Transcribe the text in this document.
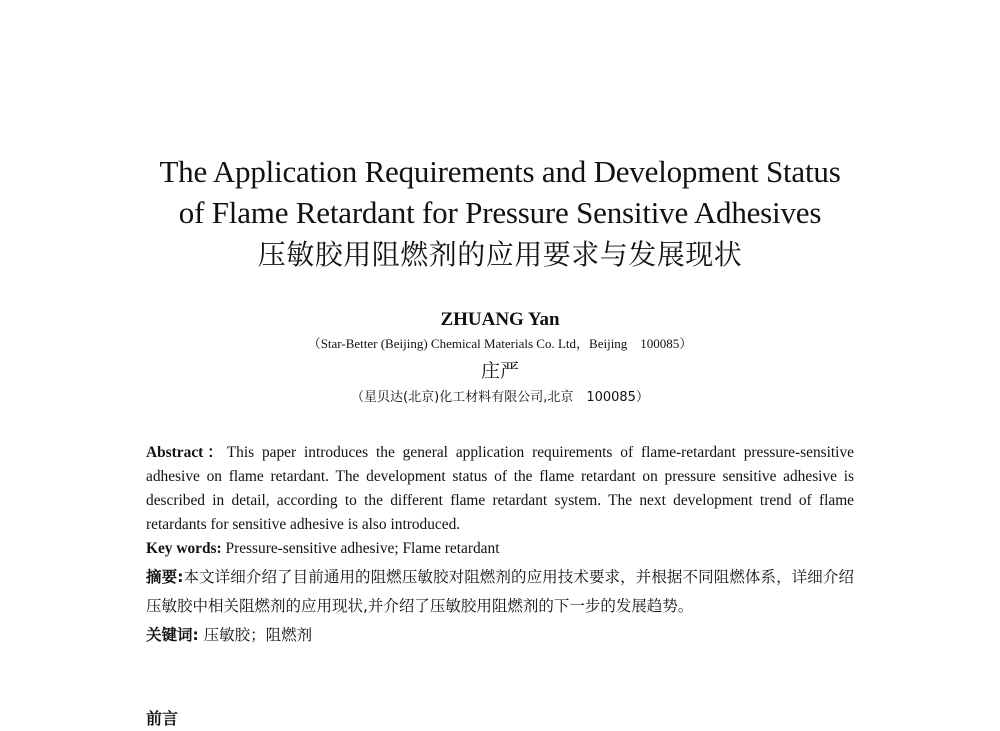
The Application Requirements and Development Status
of Flame Retardant for Pressure Sensitive Adhesives
压敏胶用阻燃剂的应用要求与发展现状
ZHUANG Yan
（Star-Better (Beijing) Chemical Materials Co. Ltd，Beijing　100085）
庄严
（星贝达(北京)化工材料有限公司,北京　100085）

Abstract：This paper introduces the general application requirements of flame-retardant pressure-sensitive adhesive on flame retardant. The development status of the flame retardant on pressure sensitive adhesive is described in detail, according to the different flame retardant system. The next development trend of flame retardants for sensitive adhesive is also introduced.

Key words: Pressure-sensitive adhesive; Flame retardant

摘要:本文详细介绍了目前通用的阻燃压敏胶对阻燃剂的应用技术要求，并根据不同阻燃体系，详细介绍压敏胶中相关阻燃剂的应用现状,并介绍了压敏胶用阻燃剂的下一步的发展趋势。

关键词: 压敏胶；阻燃剂

前言
